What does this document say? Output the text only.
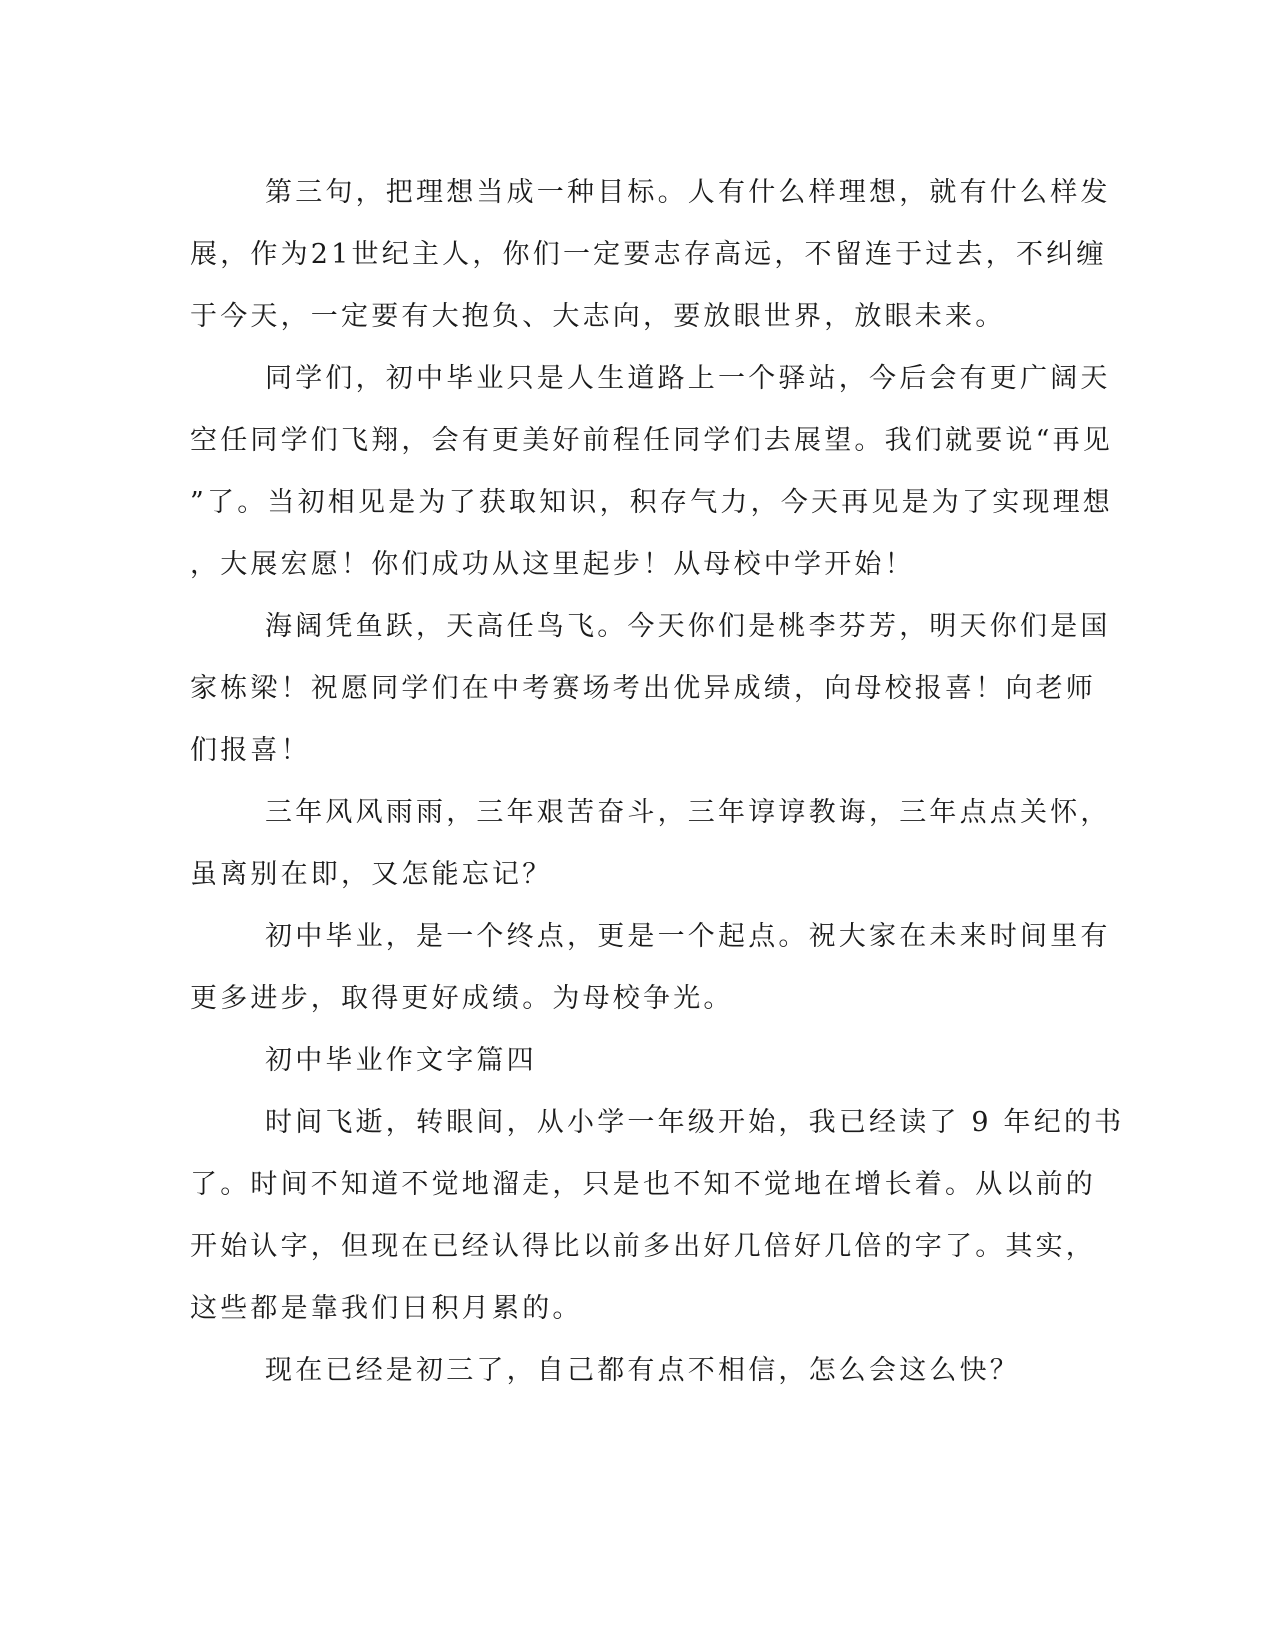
第三句，把理想当成一种目标。人有什么样理想，就有什么样发
展，作为21世纪主人，你们一定要志存高远，不留连于过去，不纠缠
于今天，一定要有大抱负、大志向，要放眼世界，放眼未来。
同学们，初中毕业只是人生道路上一个驿站，今后会有更广阔天
空任同学们飞翔，会有更美好前程任同学们去展望。我们就要说“再见
”了。当初相见是为了获取知识，积存气力，今天再见是为了实现理想
，大展宏愿！你们成功从这里起步！从母校中学开始！
海阔凭鱼跃，天高任鸟飞。今天你们是桃李芬芳，明天你们是国
家栋梁！祝愿同学们在中考赛场考出优异成绩，向母校报喜！向老师
们报喜！
三年风风雨雨，三年艰苦奋斗，三年谆谆教诲，三年点点关怀，
虽离别在即，又怎能忘记？
初中毕业，是一个终点，更是一个起点。祝大家在未来时间里有
更多进步，取得更好成绩。为母校争光。
初中毕业作文字篇四
时间飞逝，转眼间，从小学一年级开始，我已经读了 9 年纪的书
了。时间不知道不觉地溜走，只是也不知不觉地在增长着。从以前的
开始认字，但现在已经认得比以前多出好几倍好几倍的字了。其实，
这些都是靠我们日积月累的。
现在已经是初三了，自己都有点不相信，怎么会这么快？
